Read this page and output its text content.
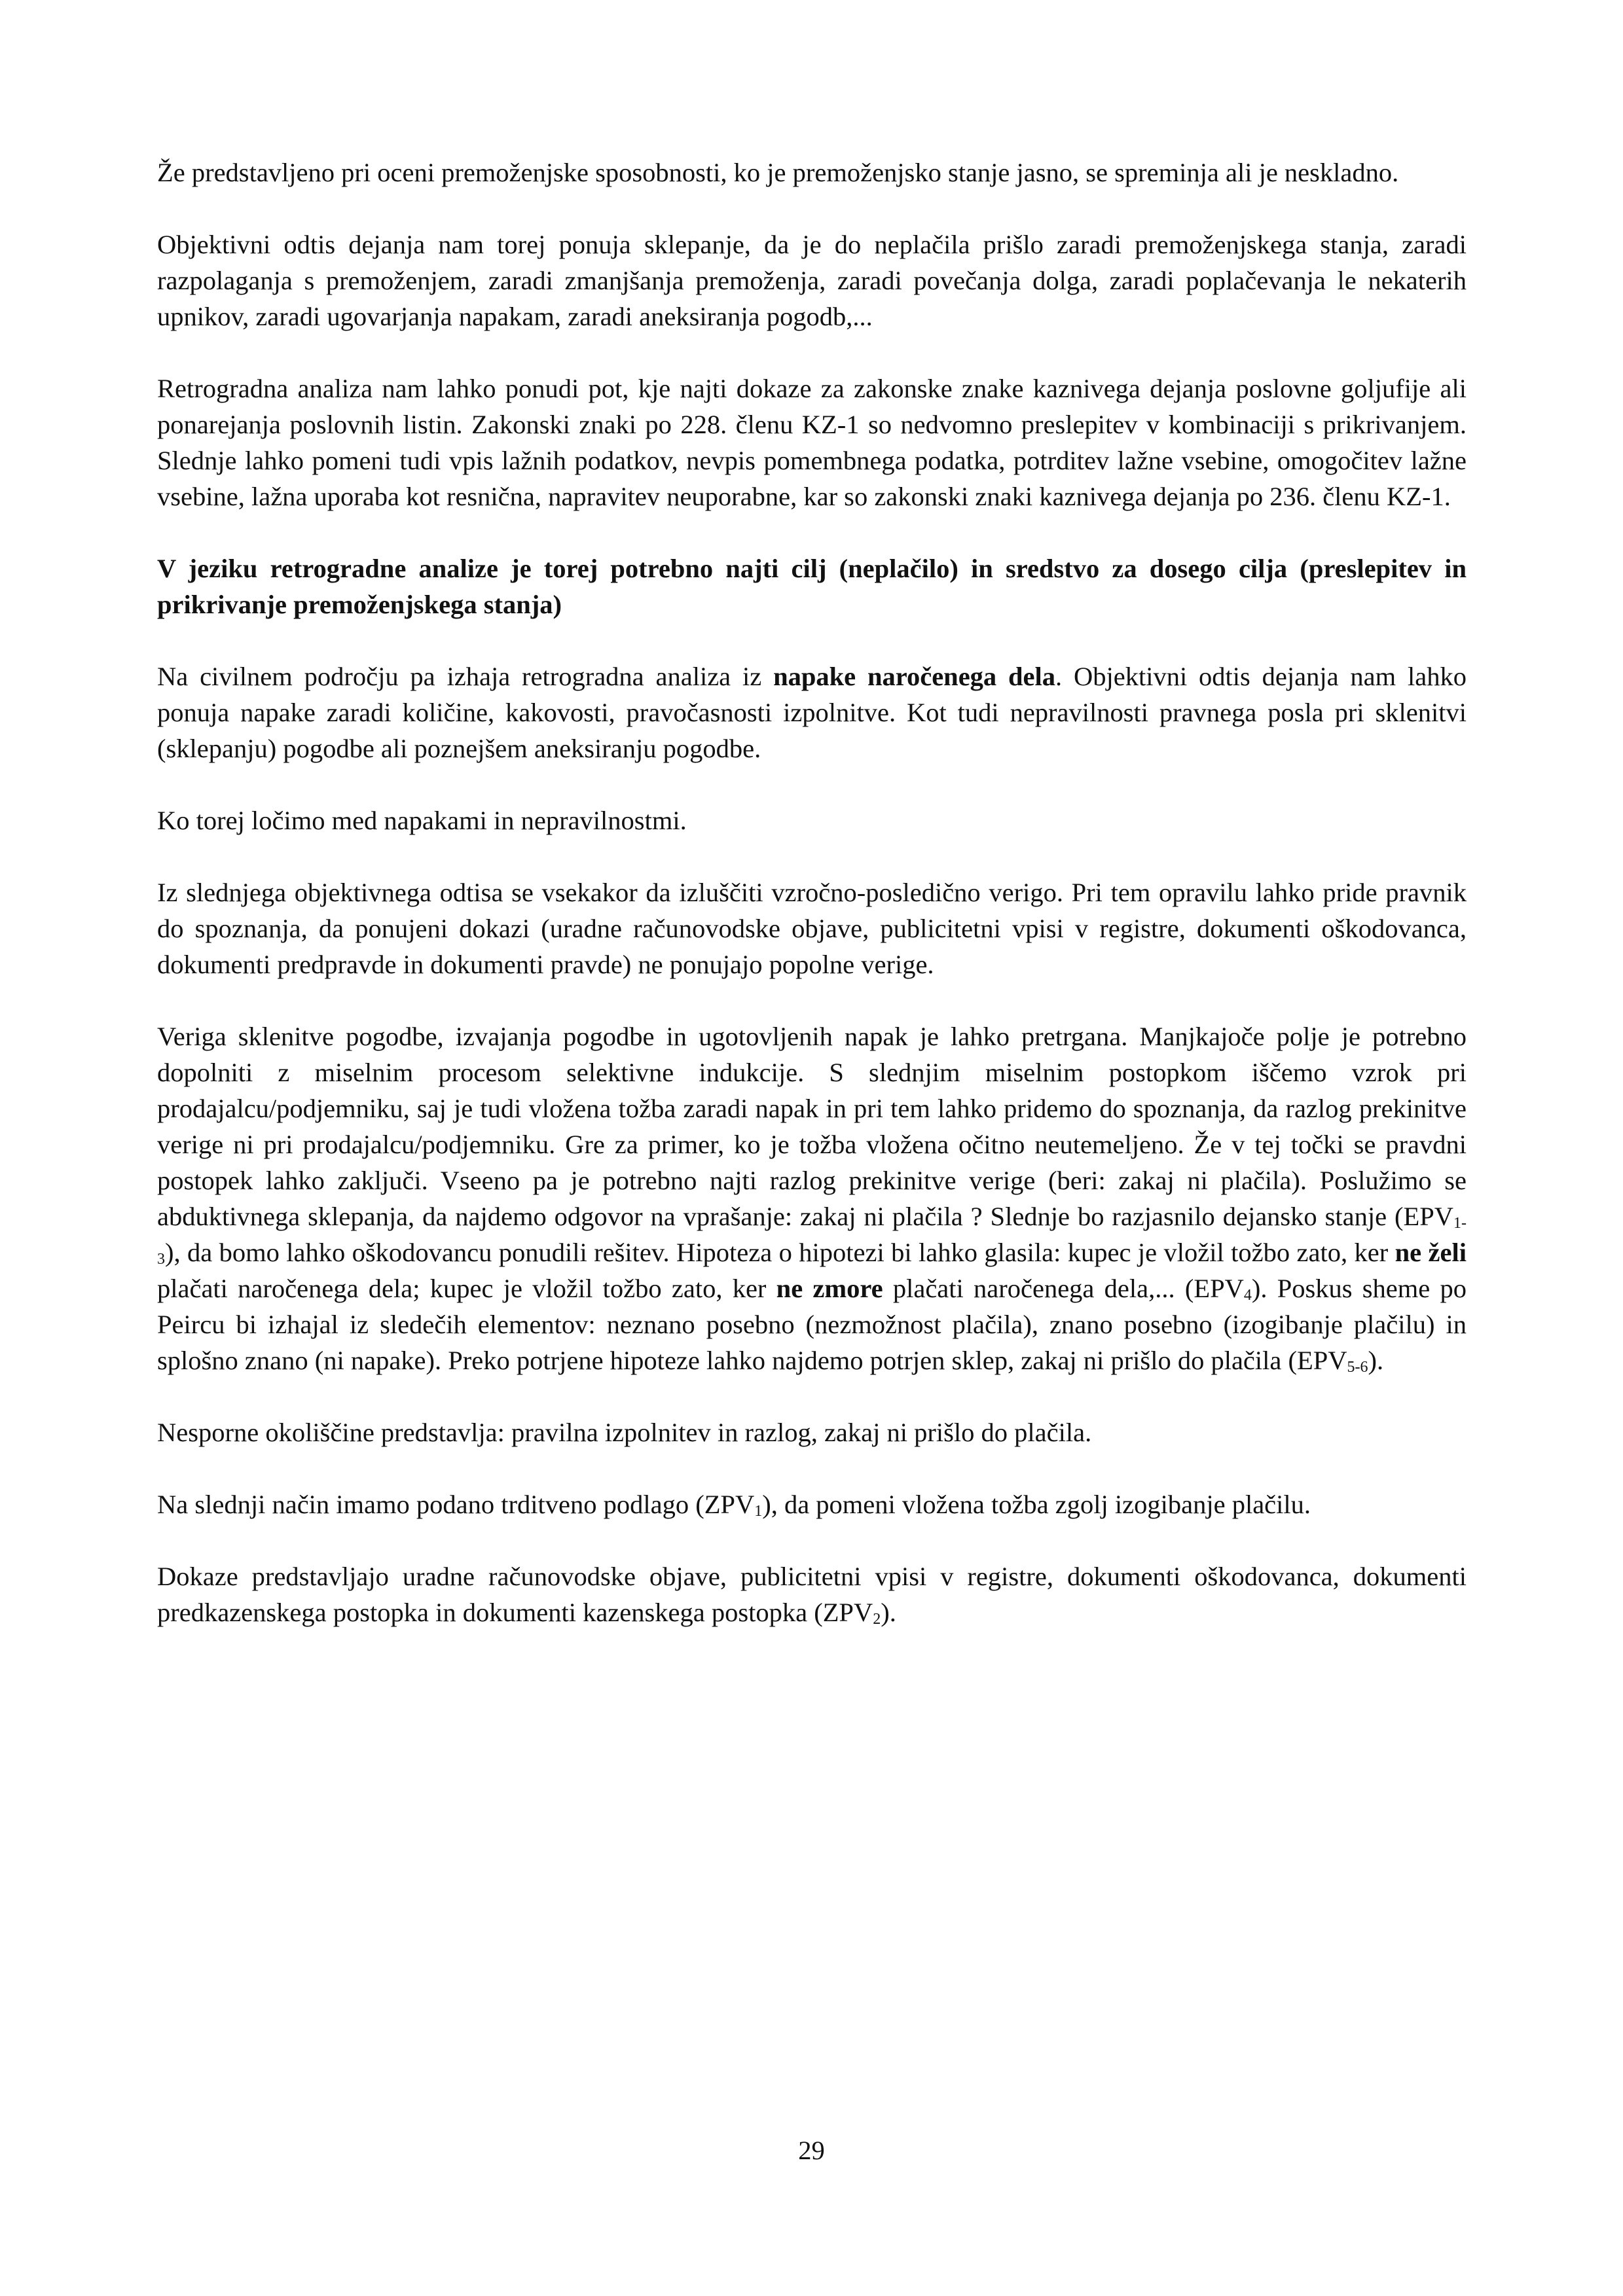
Že predstavljeno pri oceni premoženjske sposobnosti, ko je premoženjsko stanje jasno, se spreminja ali je neskladno.

Objektivni odtis dejanja nam torej ponuja sklepanje, da je do neplačila prišlo zaradi premoženjskega stanja, zaradi razpolaganja s premoženjem, zaradi zmanjšanja premoženja, zaradi povečanja dolga, zaradi poplačevanja le nekaterih upnikov, zaradi ugovarjanja napakam, zaradi aneksiranja pogodb,...

Retrogradna analiza nam lahko ponudi pot, kje najti dokaze za zakonske znake kaznivega dejanja poslovne goljufije ali ponarejanja poslovnih listin. Zakonski znaki po 228. členu KZ-1 so nedvomno preslepitev v kombinaciji s prikrivanjem. Slednje lahko pomeni tudi vpis lažnih podatkov, nevpis pomembnega podatka, potrditev lažne vsebine, omogočitev lažne vsebine, lažna uporaba kot resnična, napravitev neuporabne, kar so zakonski znaki kaznivega dejanja po 236. členu KZ-1.

V jeziku retrogradne analize je torej potrebno najti cilj (neplačilo) in sredstvo za dosego cilja (preslepitev in prikrivanje premoženjskega stanja)

Na civilnem področju pa izhaja retrogradna analiza iz napake naročenega dela. Objektivni odtis dejanja nam lahko ponuja napake zaradi količine, kakovosti, pravočasnosti izpolnitve. Kot tudi nepravilnosti pravnega posla pri sklenitvi (sklepanju) pogodbe ali poznejšem aneksiranju pogodbe.

Ko torej ločimo med napakami in nepravilnostmi.

Iz slednjega objektivnega odtisa se vsekakor da izluščiti vzročno-posledično verigo. Pri tem opravilu lahko pride pravnik do spoznanja, da ponujeni dokazi (uradne računovodske objave, publicitetni vpisi v registre, dokumenti oškodovanca, dokumenti predpravde in dokumenti pravde) ne ponujajo popolne verige.

Veriga sklenitve pogodbe, izvajanja pogodbe in ugotovljenih napak je lahko pretrgana. Manjkajoče polje je potrebno dopolniti z miselnim procesom selektivne indukcije. S slednjim miselnim postopkom iščemo vzrok pri prodajalcu/podjemniku, saj je tudi vložena tožba zaradi napak in pri tem lahko pridemo do spoznanja, da razlog prekinitve verige ni pri prodajalcu/podjemniku. Gre za primer, ko je tožba vložena očitno neutemeljeno. Že v tej točki se pravdni postopek lahko zaključi. Vseeno pa je potrebno najti razlog prekinitve verige (beri: zakaj ni plačila). Poslužimo se abduktivnega sklepanja, da najdemo odgovor na vprašanje: zakaj ni plačila ? Slednje bo razjasnilo dejansko stanje $(EPV_{1-3})$, da bomo lahko oškodovancu ponudili rešitev. Hipoteza o hipotezi bi lahko glasila: kupec je vložil tožbo zato, ker ne želi plačati naročenega dela; kupec je vložil tožbo zato, ker ne zmore plačati naročenega dela,... $(EPV_4)$. Poskus sheme po Peircu bi izhajal iz sledečih elementov: neznano posebno (nezmožnost plačila), znano posebno (izogibanje plačilu) in splošno znano (ni napake). Preko potrjene hipoteze lahko najdemo potrjen sklep, zakaj ni prišlo do plačila $(EPV_{5-6})$.

Nesporne okoliščine predstavlja: pravilna izpolnitev in razlog, zakaj ni prišlo do plačila.

Na slednji način imamo podano trditveno podlago $(ZPV_1)$, da pomeni vložena tožba zgolj izogibanje plačilu.

Dokaze predstavljajo uradne računovodske objave, publicitetni vpisi v registre, dokumenti oškodovanca, dokumenti predkazenskega postopka in dokumenti kazenskega postopka $(ZPV_2)$.

29
